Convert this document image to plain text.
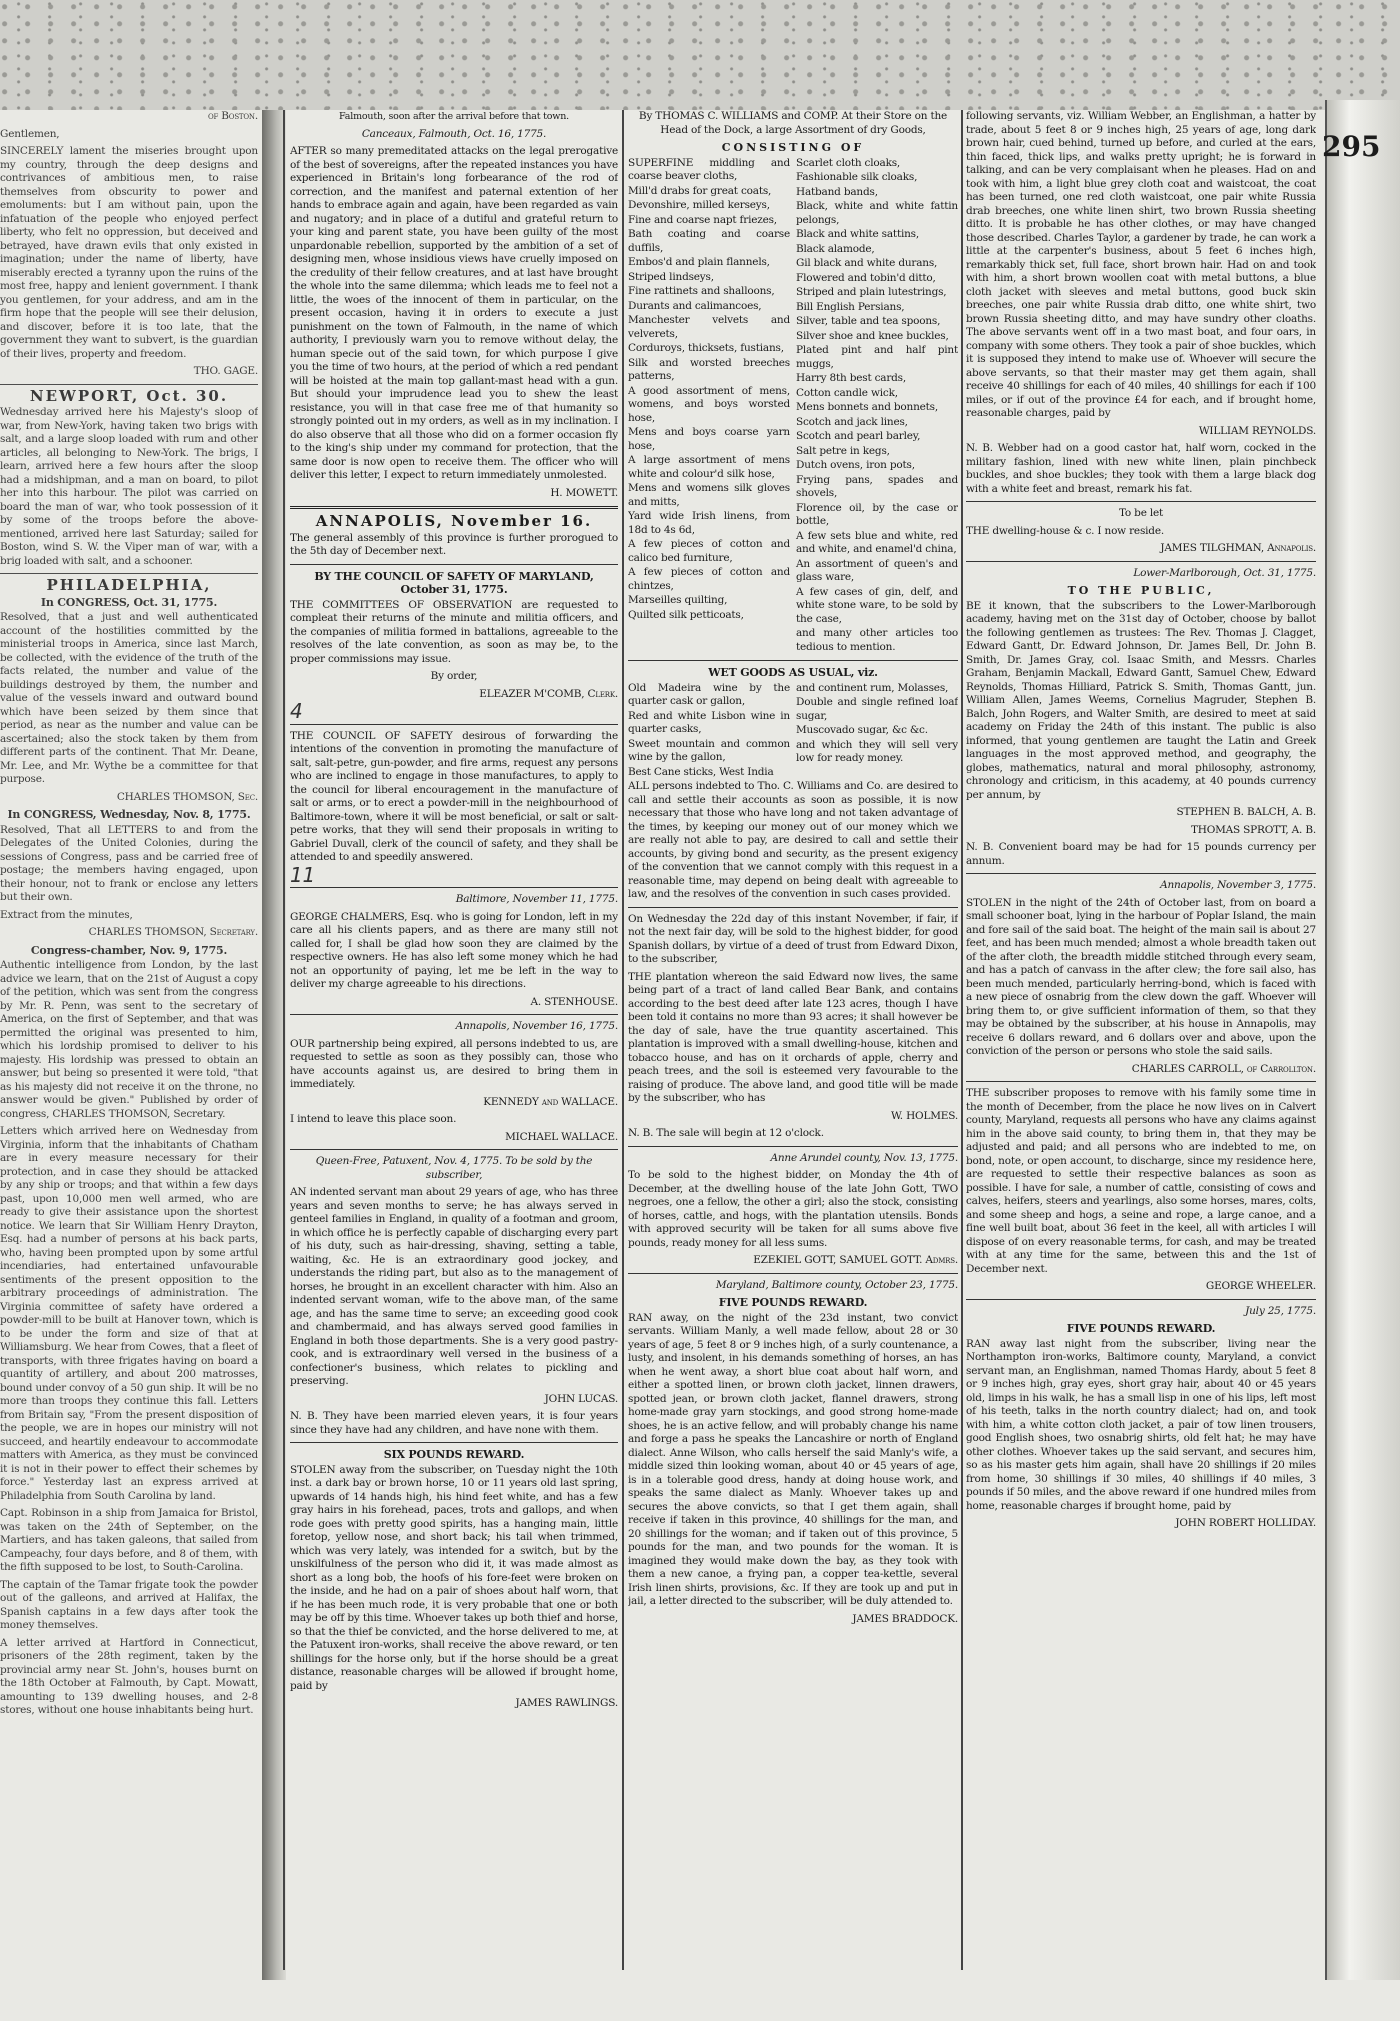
295

of Boston.

Gentlemen,

SINCERELY lament the miseries brought upon my country, through the deep designs and contrivances of ambitious men, to raise themselves from obscurity to power and emoluments: but I am without pain, upon the infatuation of the people who enjoyed perfect liberty, who felt no oppression, but deceived and betrayed, have drawn evils that only existed in imagination; under the name of liberty, have miserably erected a tyranny upon the ruins of the most free, happy and lenient government. I thank you gentlemen, for your address, and am in the firm hope that the people will see their delusion, and discover, before it is too late, that the government they want to subvert, is the guardian of their lives, property and freedom.

THO. GAGE.

NEWPORT, Oct. 30.

Wednesday arrived here his Majesty's sloop of war, from New-York, having taken two brigs with salt, and a large sloop loaded with rum and other articles, all belonging to New-York. The brigs, I learn, arrived here a few hours after the sloop had a midshipman, and a man on board, to pilot her into this harbour. The pilot was carried on board the man of war, who took possession of it by some of the troops before the above-mentioned, arrived here last Saturday; sailed for Boston, wind S. W. the Viper man of war, with a brig loaded with salt, and a schooner.

PHILADELPHIA,
In CONGRESS, Oct. 31, 1775.

Resolved, that a just and well authenticated account of the hostilities committed by the ministerial troops in America, since last March, be collected, with the evidence of the truth of the facts related, the number and value of the buildings destroyed by them, the number and value of the vessels inward and outward bound which have been seized by them since that period, as near as the number and value can be ascertained; also the stock taken by them from different parts of the continent. That Mr. Deane, Mr. Lee, and Mr. Wythe be a committee for that purpose.

CHARLES THOMSON, Sec.

In CONGRESS, Wednesday, Nov. 8, 1775.

Resolved, That all LETTERS to and from the Delegates of the United Colonies, during the sessions of Congress, pass and be carried free of postage; the members having engaged, upon their honour, not to frank or enclose any letters but their own.

Extract from the minutes,

CHARLES THOMSON, Secretary.

Congress-chamber, Nov. 9, 1775.

Authentic intelligence from London, by the last advice we learn, that on the 21st of August a copy of the petition, which was sent from the congress by Mr. R. Penn, was sent to the secretary of America, on the first of September, and that was permitted the original was presented to him, which his lordship promised to deliver to his majesty. His lordship was pressed to obtain an answer, but being so presented it were told, "that as his majesty did not receive it on the throne, no answer would be given." Published by order of congress, CHARLES THOMSON, Secretary.

Letters which arrived here on Wednesday from Virginia, inform that the inhabitants of Chatham are in every measure necessary for their protection, and in case they should be attacked by any ship or troops; and that within a few days past, upon 10,000 men well armed, who are ready to give their assistance upon the shortest notice. We learn that Sir William Henry Drayton, Esq. had a number of persons at his back parts, who, having been prompted upon by some artful incendiaries, had entertained unfavourable sentiments of the present opposition to the arbitrary proceedings of administration. The Virginia committee of safety have ordered a powder-mill to be built at Hanover town, which is to be under the form and size of that at Williamsburg. We hear from Cowes, that a fleet of transports, with three frigates having on board a quantity of artillery, and about 200 matrosses, bound under convoy of a 50 gun ship. It will be no more than troops they continue this fall. Letters from Britain say, "From the present disposition of the people, we are in hopes our ministry will not succeed, and heartily endeavour to accommodate matters with America, as they must be convinced it is not in their power to effect their schemes by force." Yesterday last an express arrived at Philadelphia from South Carolina by land.

Capt. Robinson in a ship from Jamaica for Bristol, was taken on the 24th of September, on the Martiers, and has taken galeons, that sailed from Campeachy, four days before, and 8 of them, with the fifth supposed to be lost, to South-Carolina.

The captain of the Tamar frigate took the powder out of the galleons, and arrived at Halifax, the Spanish captains in a few days after took the money themselves.

A letter arrived at Hartford in Connecticut, prisoners of the 28th regiment, taken by the provincial army near St. John's, houses burnt on the 18th October at Falmouth, by Capt. Mowatt, amounting to 139 dwelling houses, and 2-8 stores, without one house inhabitants being hurt.

Falmouth, soon after the arrival before that town.

Canceaux, Falmouth, Oct. 16, 1775.

AFTER so many premeditated attacks on the legal prerogative of the best of sovereigns, after the repeated instances you have experienced in Britain's long forbearance of the rod of correction, and the manifest and paternal extention of her hands to embrace again and again, have been regarded as vain and nugatory; and in place of a dutiful and grateful return to your king and parent state, you have been guilty of the most unpardonable rebellion, supported by the ambition of a set of designing men, whose insidious views have cruelly imposed on the credulity of their fellow creatures, and at last have brought the whole into the same dilemma; which leads me to feel not a little, the woes of the innocent of them in particular, on the present occasion, having it in orders to execute a just punishment on the town of Falmouth, in the name of which authority, I previously warn you to remove without delay, the human specie out of the said town, for which purpose I give you the time of two hours, at the period of which a red pendant will be hoisted at the main top gallant-mast head with a gun. But should your imprudence lead you to shew the least resistance, you will in that case free me of that humanity so strongly pointed out in my orders, as well as in my inclination. I do also observe that all those who did on a former occasion fly to the king's ship under my command for protection, that the same door is now open to receive them. The officer who will deliver this letter, I expect to return immediately unmolested.

H. MOWETT.

ANNAPOLIS, November 16.

The general assembly of this province is further prorogued to the 5th day of December next.

BY THE COUNCIL OF SAFETY OF MARYLAND, October 31, 1775.

THE COMMITTEES OF OBSERVATION are requested to compleat their returns of the minute and militia officers, and the companies of militia formed in battalions, agreeable to the resolves of the late convention, as soon as may be, to the proper commissions may issue.

By order,

ELEAZER M'COMB, Clerk.

4

THE COUNCIL OF SAFETY desirous of forwarding the intentions of the convention in promoting the manufacture of salt, salt-petre, gun-powder, and fire arms, request any persons who are inclined to engage in those manufactures, to apply to the council for liberal encouragement in the manufacture of salt or arms, or to erect a powder-mill in the neighbourhood of Baltimore-town, where it will be most beneficial, or salt or salt-petre works, that they will send their proposals in writing to Gabriel Duvall, clerk of the council of safety, and they shall be attended to and speedily answered.

11

Baltimore, November 11, 1775.

GEORGE CHALMERS, Esq. who is going for London, left in my care all his clients papers, and as there are many still not called for, I shall be glad how soon they are claimed by the respective owners. He has also left some money which he had not an opportunity of paying, let me be left in the way to deliver my charge agreeable to his directions.

A. STENHOUSE.

Annapolis, November 16, 1775.

OUR partnership being expired, all persons indebted to us, are requested to settle as soon as they possibly can, those who have accounts against us, are desired to bring them in immediately.

KENNEDY and WALLACE.

I intend to leave this place soon.

MICHAEL WALLACE.

Queen-Free, Patuxent, Nov. 4, 1775. To be sold by the subscriber,

AN indented servant man about 29 years of age, who has three years and seven months to serve; he has always served in genteel families in England, in quality of a footman and groom, in which office he is perfectly capable of discharging every part of his duty, such as hair-dressing, shaving, setting a table, waiting, &c. He is an extraordinary good jockey, and understands the riding part, but also as to the management of horses, he brought in an excellent character with him. Also an indented servant woman, wife to the above man, of the same age, and has the same time to serve; an exceeding good cook and chambermaid, and has always served good families in England in both those departments. She is a very good pastry-cook, and is extraordinary well versed in the business of a confectioner's business, which relates to pickling and preserving.

JOHN LUCAS.

N. B. They have been married eleven years, it is four years since they have had any children, and have none with them.

SIX POUNDS REWARD.

STOLEN away from the subscriber, on Tuesday night the 10th inst. a dark bay or brown horse, 10 or 11 years old last spring, upwards of 14 hands high, his hind feet white, and has a few gray hairs in his forehead, paces, trots and gallops, and when rode goes with pretty good spirits, has a hanging main, little foretop, yellow nose, and short back; his tail when trimmed, which was very lately, was intended for a switch, but by the unskilfulness of the person who did it, it was made almost as short as a long bob, the hoofs of his fore-feet were broken on the inside, and he had on a pair of shoes about half worn, that if he has been much rode, it is very probable that one or both may be off by this time. Whoever takes up both thief and horse, so that the thief be convicted, and the horse delivered to me, at the Patuxent iron-works, shall receive the above reward, or ten shillings for the horse only, but if the horse should be a great distance, reasonable charges will be allowed if brought home, paid by

JAMES RAWLINGS.

By THOMAS C. WILLIAMS and COMP. At their Store on the Head of the Dock, a large Assortment of dry Goods,

CONSISTING OF
SUPERFINE middling and coarse beaver cloths,
Mill'd drabs for great coats,
Devonshire, milled kerseys,
Fine and coarse napt friezes,
Bath coating and coarse duffils,
Embos'd and plain flannels,
Striped lindseys,
Fine rattinets and shalloons,
Durants and calimancoes,
Manchester velvets and velverets,
Corduroys, thicksets, fustians,
Silk and worsted breeches patterns,
A good assortment of mens, womens, and boys worsted hose,
Mens and boys coarse yarn hose,
A large assortment of mens white and colour'd silk hose,
Mens and womens silk gloves and mitts,
Yard wide Irish linens, from 18d to 4s 6d,
A few pieces of cotton and calico bed furniture,
A few pieces of cotton and chintzes,
Marseilles quilting,
Quilted silk petticoats,
Scarlet cloth cloaks,
Fashionable silk cloaks,
Hatband bands,
Black, white and white fattin pelongs,
Black and white sattins,
Black alamode,
Gil black and white durans,
Flowered and tobin'd ditto,
Striped and plain lutestrings,
Bill English Persians,
Silver, table and tea spoons,
Silver shoe and knee buckles,
Plated pint and half pint muggs,
Harry 8th best cards,
Cotton candle wick,
Mens bonnets and bonnets,
Scotch and jack lines,
Scotch and pearl barley,
Salt petre in kegs,
Dutch ovens, iron pots,
Frying pans, spades and shovels,
Florence oil, by the case or bottle,
A few sets blue and white, red and white, and enamel'd china,
An assortment of queen's and glass ware,
A few cases of gin, delf, and white stone ware, to be sold by the case,
and many other articles too tedious to mention.
WET GOODS AS USUAL, viz.
Old Madeira wine by the quarter cask or gallon,
Red and white Lisbon wine in quarter casks,
Sweet mountain and common wine by the gallon,
Best Cane sticks, West India
and continent rum, Molasses,
Double and single refined loaf sugar,
Muscovado sugar, &c &c.
and which they will sell very low for ready money.

ALL persons indebted to Tho. C. Williams and Co. are desired to call and settle their accounts as soon as possible, it is now necessary that those who have long and not taken advantage of the times, by keeping our money out of our money which we are really not able to pay, are desired to call and settle their accounts, by giving bond and security, as the present exigency of the convention that we cannot comply with this request in a reasonable time, may depend on being dealt with agreeable to law, and the resolves of the convention in such cases provided.

On Wednesday the 22d day of this instant November, if fair, if not the next fair day, will be sold to the highest bidder, for good Spanish dollars, by virtue of a deed of trust from Edward Dixon, to the subscriber,

THE plantation whereon the said Edward now lives, the same being part of a tract of land called Bear Bank, and contains according to the best deed after late 123 acres, though I have been told it contains no more than 93 acres; it shall however be the day of sale, have the true quantity ascertained. This plantation is improved with a small dwelling-house, kitchen and tobacco house, and has on it orchards of apple, cherry and peach trees, and the soil is esteemed very favourable to the raising of produce. The above land, and good title will be made by the subscriber, who has

W. HOLMES.

N. B. The sale will begin at 12 o'clock.

Anne Arundel county, Nov. 13, 1775.

To be sold to the highest bidder, on Monday the 4th of December, at the dwelling house of the late John Gott, TWO negroes, one a fellow, the other a girl; also the stock, consisting of horses, cattle, and hogs, with the plantation utensils. Bonds with approved security will be taken for all sums above five pounds, ready money for all less sums.

EZEKIEL GOTT, SAMUEL GOTT. Admrs.

Maryland, Baltimore county, October 23, 1775.

FIVE POUNDS REWARD.

RAN away, on the night of the 23d instant, two convict servants. William Manly, a well made fellow, about 28 or 30 years of age, 5 feet 8 or 9 inches high, of a surly countenance, a lusty, and insolent, in his demands something of horses, an has when he went away, a short blue coat about half worn, and either a spotted linen, or brown cloth jacket, linnen drawers, spotted jean, or brown cloth jacket, flannel drawers, strong home-made gray yarn stockings, and good strong home-made shoes, he is an active fellow, and will probably change his name and forge a pass he speaks the Lancashire or north of England dialect. Anne Wilson, who calls herself the said Manly's wife, a middle sized thin looking woman, about 40 or 45 years of age, is in a tolerable good dress, handy at doing house work, and speaks the same dialect as Manly. Whoever takes up and secures the above convicts, so that I get them again, shall receive if taken in this province, 40 shillings for the man, and 20 shillings for the woman; and if taken out of this province, 5 pounds for the man, and two pounds for the woman. It is imagined they would make down the bay, as they took with them a new canoe, a frying pan, a copper tea-kettle, several Irish linen shirts, provisions, &c. If they are took up and put in jail, a letter directed to the subscriber, will be duly attended to.

JAMES BRADDOCK.

following servants, viz. William Webber, an Englishman, a hatter by trade, about 5 feet 8 or 9 inches high, 25 years of age, long dark brown hair, cued behind, turned up before, and curled at the ears, thin faced, thick lips, and walks pretty upright; he is forward in talking, and can be very complaisant when he pleases. Had on and took with him, a light blue grey cloth coat and waistcoat, the coat has been turned, one red cloth waistcoat, one pair white Russia drab breeches, one white linen shirt, two brown Russia sheeting ditto. It is probable he has other clothes, or may have changed those described. Charles Taylor, a gardener by trade, he can work a little at the carpenter's business, about 5 feet 6 inches high, remarkably thick set, full face, short brown hair. Had on and took with him, a short brown woollen coat with metal buttons, a blue cloth jacket with sleeves and metal buttons, good buck skin breeches, one pair white Russia drab ditto, one white shirt, two brown Russia sheeting ditto, and may have sundry other cloaths. The above servants went off in a two mast boat, and four oars, in company with some others. They took a pair of shoe buckles, which it is supposed they intend to make use of. Whoever will secure the above servants, so that their master may get them again, shall receive 40 shillings for each of 40 miles, 40 shillings for each if 100 miles, or if out of the province £4 for each, and if brought home, reasonable charges, paid by

WILLIAM REYNOLDS.

N. B. Webber had on a good castor hat, half worn, cocked in the military fashion, lined with new white linen, plain pinchbeck buckles, and shoe buckles; they took with them a large black dog with a white feet and breast, remark his fat.

To be let

THE dwelling-house & c. I now reside.

JAMES TILGHMAN, Annapolis.

Lower-Marlborough, Oct. 31, 1775.

TO THE PUBLIC,

BE it known, that the subscribers to the Lower-Marlborough academy, having met on the 31st day of October, choose by ballot the following gentlemen as trustees: The Rev. Thomas J. Clagget, Edward Gantt, Dr. Edward Johnson, Dr. James Bell, Dr. John B. Smith, Dr. James Gray, col. Isaac Smith, and Messrs. Charles Graham, Benjamin Mackall, Edward Gantt, Samuel Chew, Edward Reynolds, Thomas Hilliard, Patrick S. Smith, Thomas Gantt, jun. William Allen, James Weems, Cornelius Magruder, Stephen B. Balch, John Rogers, and Walter Smith, are desired to meet at said academy on Friday the 24th of this instant. The public is also informed, that young gentlemen are taught the Latin and Greek languages in the most approved method, and geography, the globes, mathematics, natural and moral philosophy, astronomy, chronology and criticism, in this academy, at 40 pounds currency per annum, by

STEPHEN B. BALCH, A. B.

THOMAS SPROTT, A. B.

N. B. Convenient board may be had for 15 pounds currency per annum.

Annapolis, November 3, 1775.

STOLEN in the night of the 24th of October last, from on board a small schooner boat, lying in the harbour of Poplar Island, the main and fore sail of the said boat. The height of the main sail is about 27 feet, and has been much mended; almost a whole breadth taken out of the after cloth, the breadth middle stitched through every seam, and has a patch of canvass in the after clew; the fore sail also, has been much mended, particularly herring-bond, which is faced with a new piece of osnabrig from the clew down the gaff. Whoever will bring them to, or give sufficient information of them, so that they may be obtained by the subscriber, at his house in Annapolis, may receive 6 dollars reward, and 6 dollars over and above, upon the conviction of the person or persons who stole the said sails.

CHARLES CARROLL, of Carrollton.

THE subscriber proposes to remove with his family some time in the month of December, from the place he now lives on in Calvert county, Maryland, requests all persons who have any claims against him in the above said county, to bring them in, that they may be adjusted and paid; and all persons who are indebted to me, on bond, note, or open account, to discharge, since my residence here, are requested to settle their respective balances as soon as possible. I have for sale, a number of cattle, consisting of cows and calves, heifers, steers and yearlings, also some horses, mares, colts, and some sheep and hogs, a seine and rope, a large canoe, and a fine well built boat, about 36 feet in the keel, all with articles I will dispose of on every reasonable terms, for cash, and may be treated with at any time for the same, between this and the 1st of December next.

GEORGE WHEELER.

July 25, 1775.

FIVE POUNDS REWARD.

RAN away last night from the subscriber, living near the Northampton iron-works, Baltimore county, Maryland, a convict servant man, an Englishman, named Thomas Hardy, about 5 feet 8 or 9 inches high, gray eyes, short gray hair, about 40 or 45 years old, limps in his walk, he has a small lisp in one of his lips, left most of his teeth, talks in the north country dialect; had on, and took with him, a white cotton cloth jacket, a pair of tow linen trousers, good English shoes, two osnabrig shirts, old felt hat; he may have other clothes. Whoever takes up the said servant, and secures him, so as his master gets him again, shall have 20 shillings if 20 miles from home, 30 shillings if 30 miles, 40 shillings if 40 miles, 3 pounds if 50 miles, and the above reward if one hundred miles from home, reasonable charges if brought home, paid by

JOHN ROBERT HOLLIDAY.
